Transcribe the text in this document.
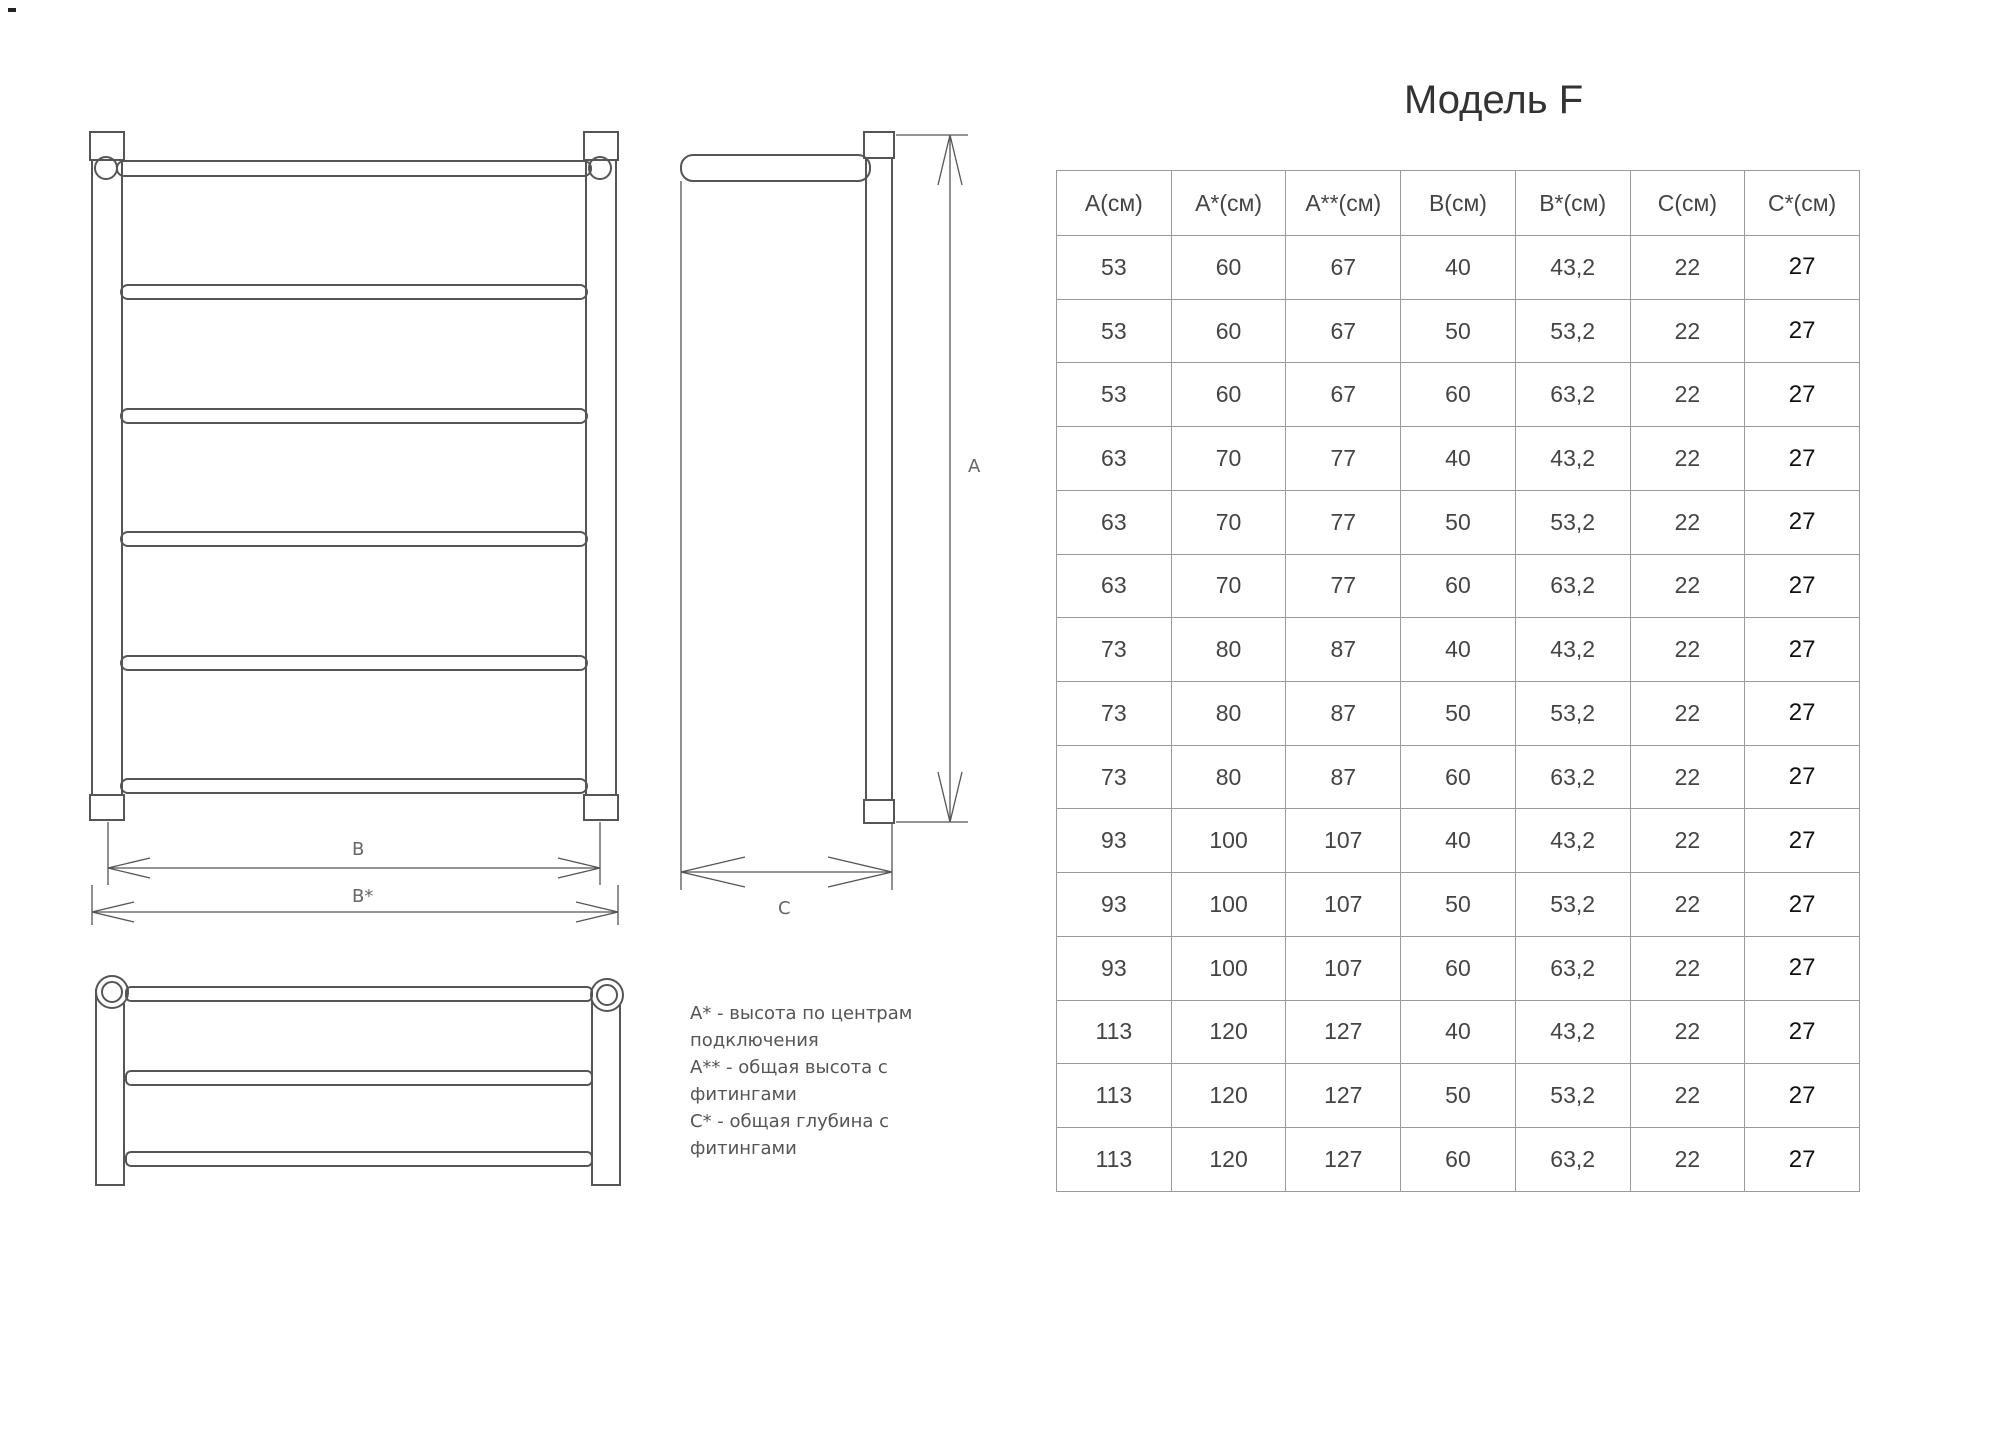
A
B
B*
C
A* - высота по центрам подключения
A** - общая высота с фитингами
C* - общая глубина с фитингами
Модель F
A(см)	A*(см)	A**(см)	B(см)	B*(см)	C(см)	C*(см)
53	60	67	40	43,2	22	27
53	60	67	50	53,2	22	27
53	60	67	60	63,2	22	27
63	70	77	40	43,2	22	27
63	70	77	50	53,2	22	27
63	70	77	60	63,2	22	27
73	80	87	40	43,2	22	27
73	80	87	50	53,2	22	27
73	80	87	60	63,2	22	27
93	100	107	40	43,2	22	27
93	100	107	50	53,2	22	27
93	100	107	60	63,2	22	27
113	120	127	40	43,2	22	27
113	120	127	50	53,2	22	27
113	120	127	60	63,2	22	27
